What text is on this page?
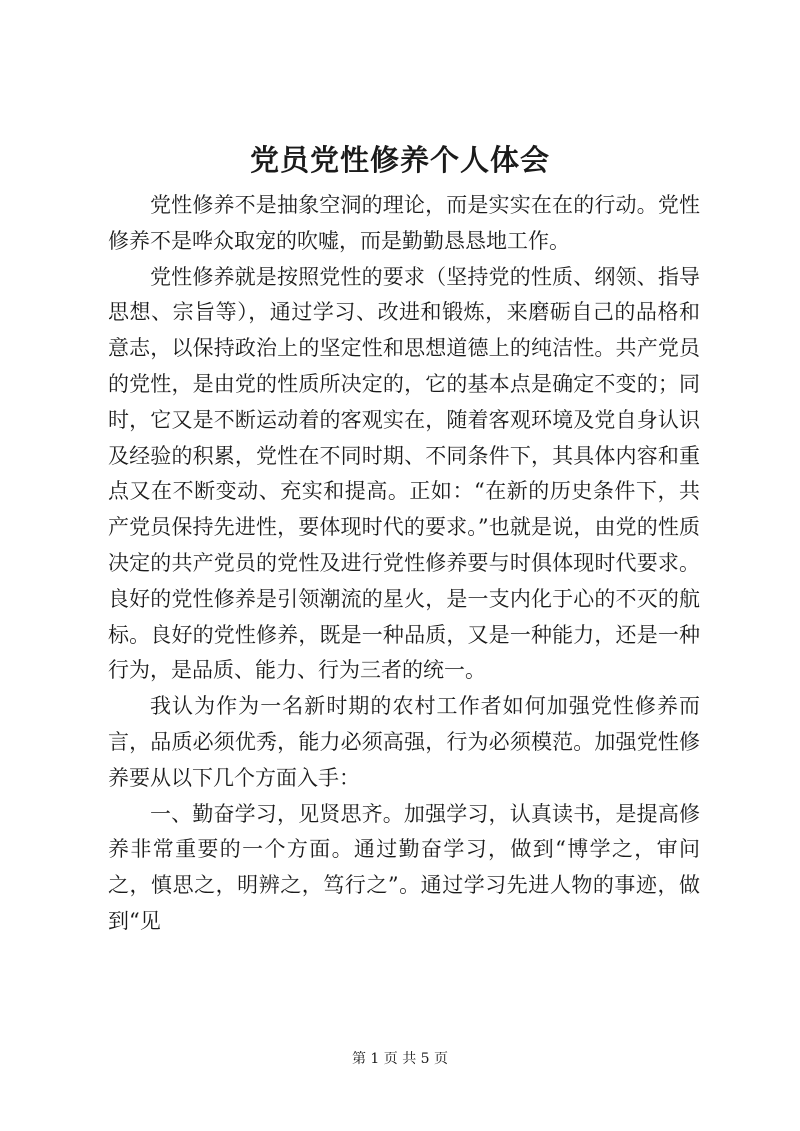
党员党性修养个人体会

党性修养不是抽象空洞的理论，而是实实在在的行动。党性修养不是哗众取宠的吹嘘，而是勤勤恳恳地工作。

党性修养就是按照党性的要求（坚持党的性质、纲领、指导思想、宗旨等），通过学习、改进和锻炼，来磨砺自己的品格和意志，以保持政治上的坚定性和思想道德上的纯洁性。共产党员的党性，是由党的性质所决定的，它的基本点是确定不变的；同时，它又是不断运动着的客观实在，随着客观环境及党自身认识及经验的积累，党性在不同时期、不同条件下，其具体内容和重点又在不断变动、充实和提高。正如：“在新的历史条件下，共产党员保持先进性，要体现时代的要求。”也就是说，由党的性质决定的共产党员的党性及进行党性修养要与时俱体现时代要求。良好的党性修养是引领潮流的星火，是一支内化于心的不灭的航标。良好的党性修养，既是一种品质，又是一种能力，还是一种行为，是品质、能力、行为三者的统一。

我认为作为一名新时期的农村工作者如何加强党性修养而言，品质必须优秀，能力必须高强，行为必须模范。加强党性修养要从以下几个方面入手：

一、勤奋学习，见贤思齐。加强学习，认真读书，是提高修养非常重要的一个方面。通过勤奋学习，做到“博学之，审问之，慎思之，明辨之，笃行之”。通过学习先进人物的事迹，做到“见

第 1 页 共 5 页
